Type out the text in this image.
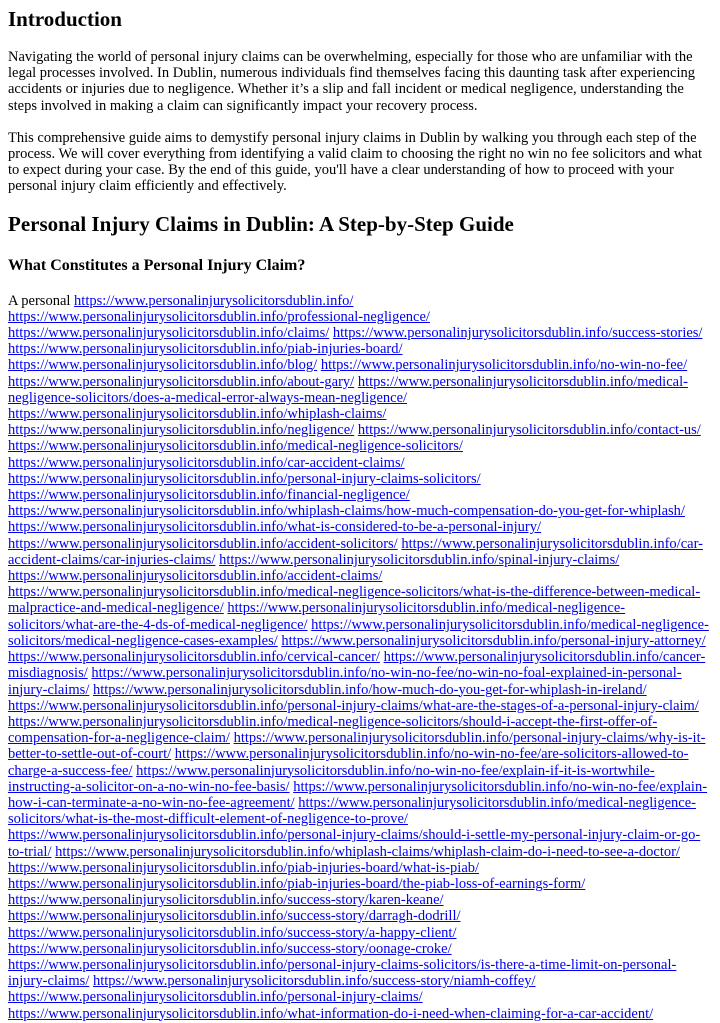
Introduction

Navigating the world of personal injury claims can be overwhelming, especially for those who are unfamiliar with the legal processes involved. In Dublin, numerous individuals find themselves facing this daunting task after experiencing accidents or injuries due to negligence. Whether it’s a slip and fall incident or medical negligence, understanding the steps involved in making a claim can significantly impact your recovery process.

This comprehensive guide aims to demystify personal injury claims in Dublin by walking you through each step of the process. We will cover everything from identifying a valid claim to choosing the right no win no fee solicitors and what to expect during your case. By the end of this guide, you'll have a clear understanding of how to proceed with your personal injury claim efficiently and effectively.

Personal Injury Claims in Dublin: A Step-by-Step Guide
What Constitutes a Personal Injury Claim?
A personal https://www.personalinjurysolicitorsdublin.info/ https://www.personalinjurysolicitorsdublin.info/professional-negligence/ https://www.personalinjurysolicitorsdublin.info/claims/ https://www.personalinjurysolicitorsdublin.info/success-stories/ https://www.personalinjurysolicitorsdublin.info/piab-injuries-board/ https://www.personalinjurysolicitorsdublin.info/blog/ https://www.personalinjurysolicitorsdublin.info/no-win-no-fee/ https://www.personalinjurysolicitorsdublin.info/about-gary/ https://www.personalinjurysolicitorsdublin.info/medical-negligence-solicitors/does-a-medical-error-always-mean-negligence/ https://www.personalinjurysolicitorsdublin.info/whiplash-claims/ https://www.personalinjurysolicitorsdublin.info/negligence/ https://www.personalinjurysolicitorsdublin.info/contact-us/ https://www.personalinjurysolicitorsdublin.info/medical-negligence-solicitors/ https://www.personalinjurysolicitorsdublin.info/car-accident-claims/ https://www.personalinjurysolicitorsdublin.info/personal-injury-claims-solicitors/ https://www.personalinjurysolicitorsdublin.info/financial-negligence/ https://www.personalinjurysolicitorsdublin.info/whiplash-claims/how-much-compensation-do-you-get-for-whiplash/ https://www.personalinjurysolicitorsdublin.info/what-is-considered-to-be-a-personal-injury/ https://www.personalinjurysolicitorsdublin.info/accident-solicitors/ https://www.personalinjurysolicitorsdublin.info/car-accident-claims/car-injuries-claims/ https://www.personalinjurysolicitorsdublin.info/spinal-injury-claims/ https://www.personalinjurysolicitorsdublin.info/accident-claims/ https://www.personalinjurysolicitorsdublin.info/medical-negligence-solicitors/what-is-the-difference-between-medical-malpractice-and-medical-negligence/ https://www.personalinjurysolicitorsdublin.info/medical-negligence-solicitors/what-are-the-4-ds-of-medical-negligence/ https://www.personalinjurysolicitorsdublin.info/medical-negligence-solicitors/medical-negligence-cases-examples/ https://www.personalinjurysolicitorsdublin.info/personal-injury-attorney/ https://www.personalinjurysolicitorsdublin.info/cervical-cancer/ https://www.personalinjurysolicitorsdublin.info/cancer-misdiagnosis/ https://www.personalinjurysolicitorsdublin.info/no-win-no-fee/no-win-no-foal-explained-in-personal-injury-claims/ https://www.personalinjurysolicitorsdublin.info/how-much-do-you-get-for-whiplash-in-ireland/ https://www.personalinjurysolicitorsdublin.info/personal-injury-claims/what-are-the-stages-of-a-personal-injury-claim/ https://www.personalinjurysolicitorsdublin.info/medical-negligence-solicitors/should-i-accept-the-first-offer-of-compensation-for-a-negligence-claim/ https://www.personalinjurysolicitorsdublin.info/personal-injury-claims/why-is-it-better-to-settle-out-of-court/ https://www.personalinjurysolicitorsdublin.info/no-win-no-fee/are-solicitors-allowed-to-charge-a-success-fee/ https://www.personalinjurysolicitorsdublin.info/no-win-no-fee/explain-if-it-is-wortwhile-instructing-a-solicitor-on-a-no-win-no-fee-basis/ https://www.personalinjurysolicitorsdublin.info/no-win-no-fee/explain-how-i-can-terminate-a-no-win-no-fee-agreement/ https://www.personalinjurysolicitorsdublin.info/medical-negligence-solicitors/what-is-the-most-difficult-element-of-negligence-to-prove/ https://www.personalinjurysolicitorsdublin.info/personal-injury-claims/should-i-settle-my-personal-injury-claim-or-go-to-trial/ https://www.personalinjurysolicitorsdublin.info/whiplash-claims/whiplash-claim-do-i-need-to-see-a-doctor/ https://www.personalinjurysolicitorsdublin.info/piab-injuries-board/what-is-piab/ https://www.personalinjurysolicitorsdublin.info/piab-injuries-board/the-piab-loss-of-earnings-form/ https://www.personalinjurysolicitorsdublin.info/success-story/karen-keane/ https://www.personalinjurysolicitorsdublin.info/success-story/darragh-dodrill/ https://www.personalinjurysolicitorsdublin.info/success-story/a-happy-client/ https://www.personalinjurysolicitorsdublin.info/success-story/oonage-croke/ https://www.personalinjurysolicitorsdublin.info/personal-injury-claims-solicitors/is-there-a-time-limit-on-personal-injury-claims/ https://www.personalinjurysolicitorsdublin.info/success-story/niamh-coffey/ https://www.personalinjurysolicitorsdublin.info/personal-injury-claims/ https://www.personalinjurysolicitorsdublin.info/what-information-do-i-need-when-claiming-for-a-car-accident/
